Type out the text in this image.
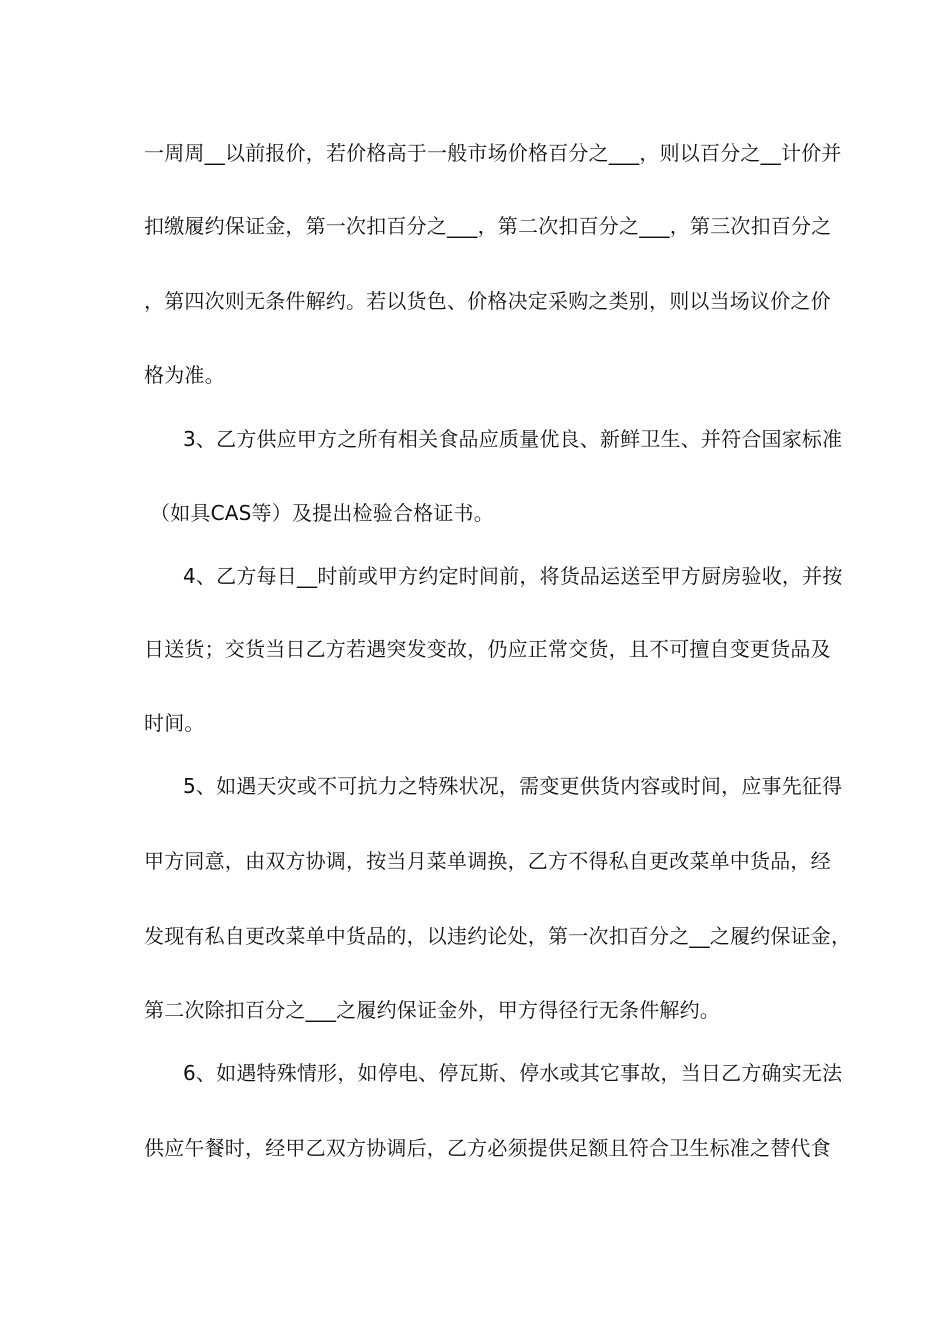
一周周__以前报价，若价格高于一般市场价格百分之___，则以百分之__计价并
扣缴履约保证金，第一次扣百分之___，第二次扣百分之___，第三次扣百分之
，第四次则无条件解约。若以货色、价格决定采购之类别，则以当场议价之价
格为准。
3、乙方供应甲方之所有相关食品应质量优良、新鲜卫生、并符合国家标准
（如具CAS等）及提出检验合格证书。
4、乙方每日__时前或甲方约定时间前，将货品运送至甲方厨房验收，并按
日送货；交货当日乙方若遇突发变故，仍应正常交货，且不可擅自变更货品及
时间。
5、如遇天灾或不可抗力之特殊状况，需变更供货内容或时间，应事先征得
甲方同意，由双方协调，按当月菜单调换，乙方不得私自更改菜单中货品，经
发现有私自更改菜单中货品的，以违约论处，第一次扣百分之__之履约保证金，
第二次除扣百分之___之履约保证金外，甲方得径行无条件解约。
6、如遇特殊情形，如停电、停瓦斯、停水或其它事故，当日乙方确实无法
供应午餐时，经甲乙双方协调后，乙方必须提供足额且符合卫生标准之替代食
